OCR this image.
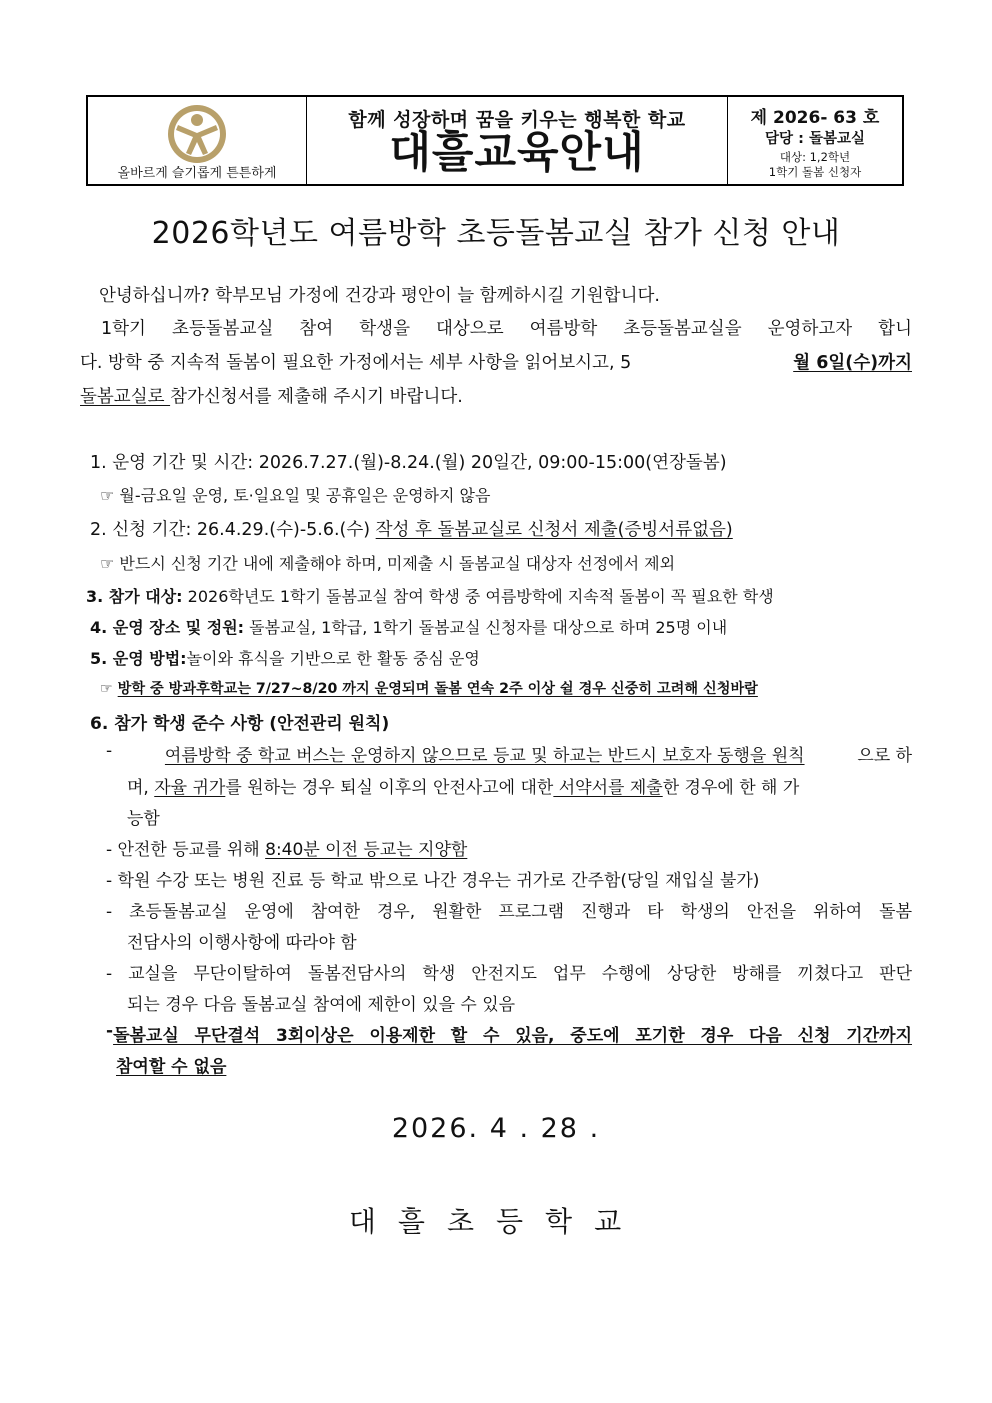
올바르게 슬기롭게 튼튼하게
함께 성장하며 꿈을 키우는 행복한 학교
대흘교육안내
제 2026- 63 호
담당 : 돌봄교실
대상: 1,2학년
1학기 돌봄 신청자
2026학년도 여름방학 초등돌봄교실 참가 신청 안내
안녕하십니까? 학부모님 가정에 건강과 평안이 늘 함께하시길 기원합니다.
1학기 초등돌봄교실 참여 학생을 대상으로 여름방학 초등돌봄교실을 운영하고자 합니
다. 방학 중 지속적 돌봄이 필요한 가정에서는 세부 사항을 읽어보시고, 5	월 6일(수)까지
돌봄교실로 참가신청서를 제출해 주시기 바랍니다.
1. 운영 기간 및 시간: 2026.7.27.(월)-8.24.(월) 20일간, 09:00-15:00(연장돌봄)
☞ 월-금요일 운영, 토·일요일 및 공휴일은 운영하지 않음
2. 신청 기간: 26.4.29.(수)-5.6.(수) 작성 후 돌봄교실로 신청서 제출(증빙서류없음)
☞ 반드시 신청 기간 내에 제출해야 하며, 미제출 시 돌봄교실 대상자 선정에서 제외
3. 참가 대상: 2026학년도 1학기 돌봄교실 참여 학생 중 여름방학에 지속적 돌봄이 꼭 필요한 학생
4. 운영 장소 및 정원: 돌봄교실, 1학급, 1학기 돌봄교실 신청자를 대상으로 하며 25명 이내
5. 운영 방법:놀이와 휴식을 기반으로 한 활동 중심 운영
☞ 방학 중 방과후학교는 7/27~8/20 까지 운영되며 돌봄 연속 2주 이상 쉴 경우 신중히 고려해 신청바람
6. 참가 학생 준수 사항 (안전관리 원칙)
-	여름방학 중 학교 버스는 운영하지 않으므로 등교 및 하교는 반드시 보호자 동행을 원칙	으로 하
며, 자율 귀가를 원하는 경우 퇴실 이후의 안전사고에 대한 서약서를 제출한 경우에 한 해 가
능함
- 안전한 등교를 위해 8:40분 이전 등교는 지양함
- 학원 수강 또는 병원 진료 등 학교 밖으로 나간 경우는 귀가로 간주함(당일 재입실 불가)
- 초등돌봄교실 운영에 참여한 경우, 원활한 프로그램 진행과 타 학생의 안전을 위하여 돌봄
전담사의 이행사항에 따라야 함
- 교실을 무단이탈하여 돌봄전담사의 학생 안전지도 업무 수행에 상당한 방해를 끼쳤다고 판단
되는 경우 다음 돌봄교실 참여에 제한이 있을 수 있음
- 돌봄교실 무단결석 3회이상은 이용제한 할 수 있음, 중도에 포기한 경우 다음 신청 기간까지
참여할 수 없음
2026. 4 . 28 .
대흘초등학교
